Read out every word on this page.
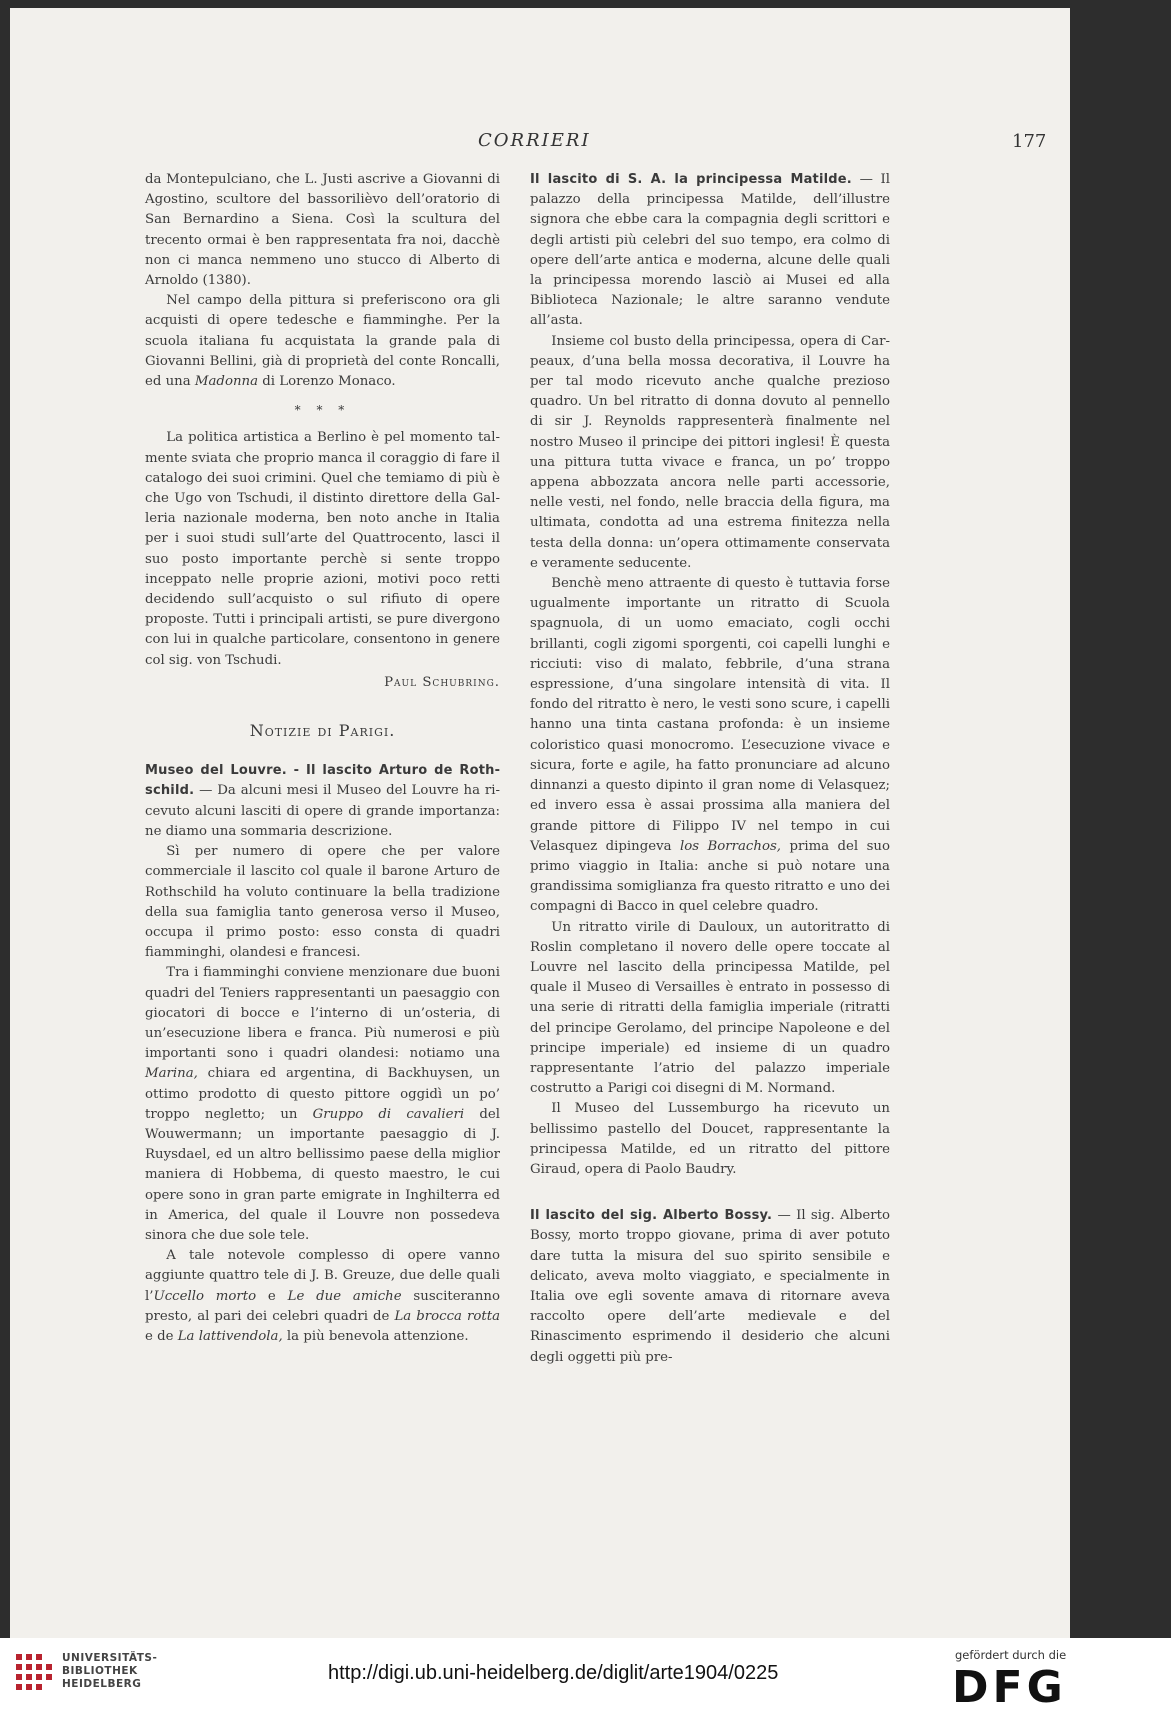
CORRIERI	177

da Montepulciano, che L. Justi ascrive a Giovanni di Agostino, scultore del bassorilièvo dell’oratorio di San Bernardino a Siena. Così la scultura del trecento ormai è ben rappresentata fra noi, dacchè non ci manca nemmeno uno stucco di Alberto di Arnoldo (1380).

Nel campo della pittura si preferiscono ora gli acquisti di opere tedesche e fiamminghe. Per la scuola italiana fu acquistata la grande pala di Giovanni Bellini, già di proprietà del conte Roncalli, ed una Madonna di Lorenzo Monaco.

* * *

La politica artistica a Berlino è pel momento talmente sviata che proprio manca il coraggio di fare il catalogo dei suoi crimini. Quel che temiamo di più è che Ugo von Tschudi, il distinto direttore della Galleria nazionale moderna, ben noto anche in Italia per i suoi studi sull’arte del Quattrocento, lasci il suo posto importante perchè si sente troppo inceppato nelle proprie azioni, motivi poco retti decidendo sull’acquisto o sul rifiuto di opere proposte. Tutti i principali artisti, se pure divergono con lui in qualche particolare, consentono in genere col sig. von Tschudi.

Paul Schubring.

Notizie di Parigi.

Museo del Louvre. - Il lascito Arturo de Rothschild. — Da alcuni mesi il Museo del Louvre ha ricevuto alcuni lasciti di opere di grande importanza: ne diamo una sommaria descrizione.

Sì per numero di opere che per valore commerciale il lascito col quale il barone Arturo de Rothschild ha voluto continuare la bella tradizione della sua famiglia tanto generosa verso il Museo, occupa il primo posto: esso consta di quadri fiamminghi, olandesi e francesi.

Tra i fiamminghi conviene menzionare due buoni quadri del Teniers rappresentanti un paesaggio con giocatori di bocce e l’interno di un’osteria, di un’esecuzione libera e franca. Più numerosi e più importanti sono i quadri olandesi: notiamo una Marina, chiara ed argentina, di Backhuysen, un ottimo prodotto di questo pittore oggidì un po’ troppo negletto; un Gruppo di cavalieri del Wouwermann; un importante paesaggio di J. Ruysdael, ed un altro bellissimo paese della miglior maniera di Hobbema, di questo maestro, le cui opere sono in gran parte emigrate in Inghilterra ed in America, del quale il Louvre non possedeva sinora che due sole tele.

A tale notevole complesso di opere vanno aggiunte quattro tele di J. B. Greuze, due delle quali l’Uccello morto e Le due amiche susciteranno presto, al pari dei celebri quadri de La brocca rotta e de La lattivendola, la più benevola attenzione.

Il lascito di S. A. la principessa Matilde. — Il palazzo della principessa Matilde, dell’illustre signora che ebbe cara la compagnia degli scrittori e degli artisti più celebri del suo tempo, era colmo di opere dell’arte antica e moderna, alcune delle quali la principessa morendo lasciò ai Musei ed alla Biblioteca Nazionale; le altre saranno vendute all’asta.

Insieme col busto della principessa, opera di Carpeaux, d’una bella mossa decorativa, il Louvre ha per tal modo ricevuto anche qualche prezioso quadro. Un bel ritratto di donna dovuto al pennello di sir J. Reynolds rappresenterà finalmente nel nostro Museo il principe dei pittori inglesi! È questa una pittura tutta vivace e franca, un po’ troppo appena abbozzata ancora nelle parti accessorie, nelle vesti, nel fondo, nelle braccia della figura, ma ultimata, condotta ad una estrema finitezza nella testa della donna: un’opera ottimamente conservata e veramente seducente.

Benchè meno attraente di questo è tuttavia forse ugualmente importante un ritratto di Scuola spagnuola, di un uomo emaciato, cogli occhi brillanti, cogli zigomi sporgenti, coi capelli lunghi e ricciuti: viso di malato, febbrile, d’una strana espressione, d’una singolare intensità di vita. Il fondo del ritratto è nero, le vesti sono scure, i capelli hanno una tinta castana profonda: è un insieme coloristico quasi monocromo. L’esecuzione vivace e sicura, forte e agile, ha fatto pronunciare ad alcuno dinnanzi a questo dipinto il gran nome di Velasquez; ed invero essa è assai prossima alla maniera del grande pittore di Filippo IV nel tempo in cui Velasquez dipingeva los Borrachos, prima del suo primo viaggio in Italia: anche si può notare una grandissima somiglianza fra questo ritratto e uno dei compagni di Bacco in quel celebre quadro.

Un ritratto virile di Dauloux, un autoritratto di Roslin completano il novero delle opere toccate al Louvre nel lascito della principessa Matilde, pel quale il Museo di Versailles è entrato in possesso di una serie di ritratti della famiglia imperiale (ritratti del principe Gerolamo, del principe Napoleone e del principe imperiale) ed insieme di un quadro rappresentante l’atrio del palazzo imperiale costrutto a Parigi coi disegni di M. Normand.

Il Museo del Lussemburgo ha ricevuto un bellissimo pastello del Doucet, rappresentante la principessa Matilde, ed un ritratto del pittore Giraud, opera di Paolo Baudry.

Il lascito del sig. Alberto Bossy. — Il sig. Alberto Bossy, morto troppo giovane, prima di aver potuto dare tutta la misura del suo spirito sensibile e delicato, aveva molto viaggiato, e specialmente in Italia ove egli sovente amava di ritornare aveva raccolto opere dell’arte medievale e del Rinascimento esprimendo il desiderio che alcuni degli oggetti più pre-

UNIVERSITÄTS-
BIBLIOTHEK
HEIDELBERG	http://digi.ub.uni-heidelberg.de/diglit/arte1904/0225
gefördert durch die
DFG
